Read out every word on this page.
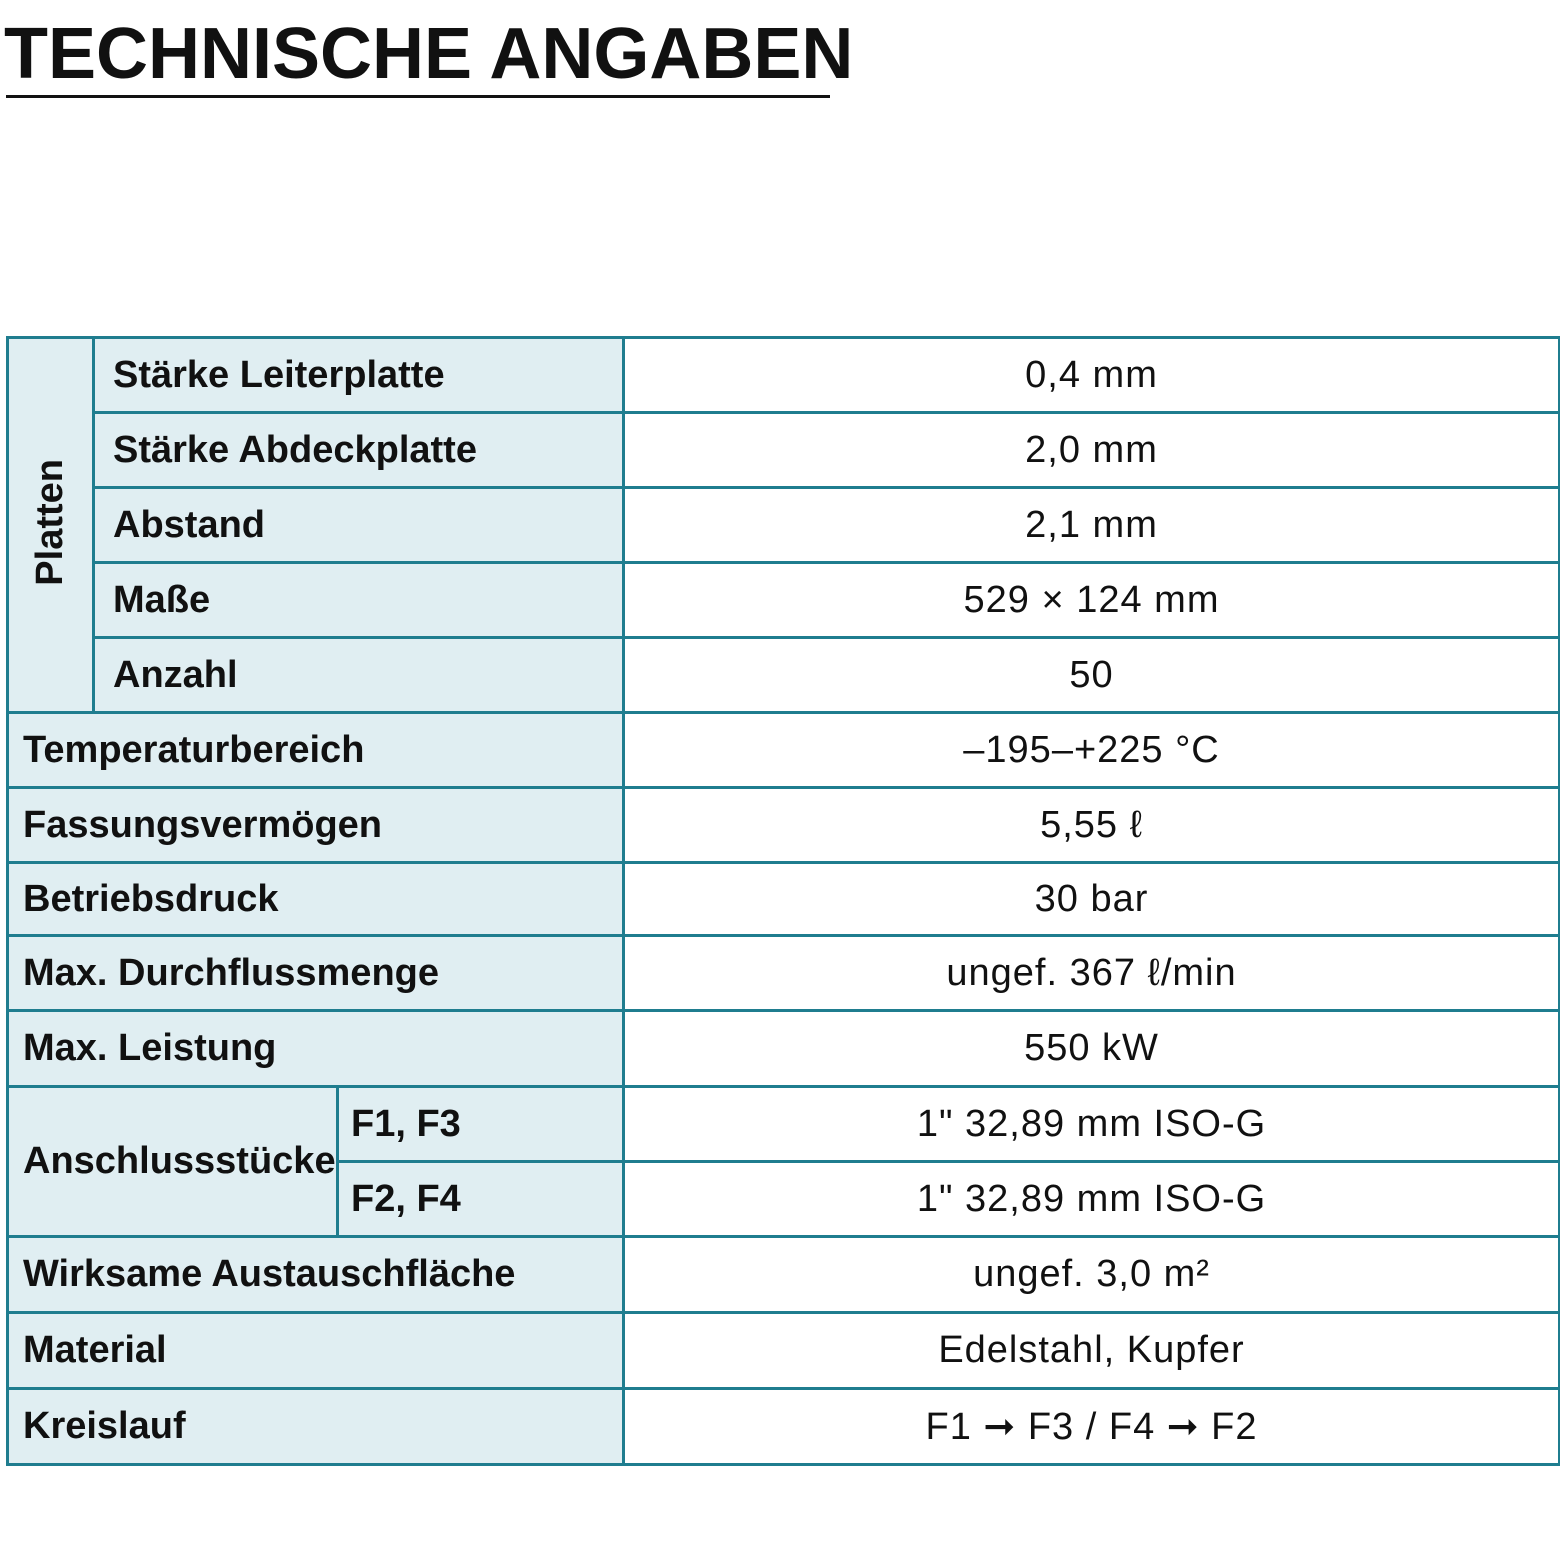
TECHNISCHE ANGABEN
Platten	Stärke Leiterplatte		0,4 mm
	Stärke Abdeckplatte		2,0 mm
	Abstand		2,1 mm
	Maße		529 × 124 mm
	Anzahl		50
Temperaturbereich			–195–+225 °C
Fassungsvermögen			5,55 ℓ
Betriebsdruck			30 bar
Max. Durchflussmenge			ungef. 367 ℓ/min
Max. Leistung			550 kW
Anschlussstücke		F1, F3	1" 32,89 mm ISO-G
		F2, F4	1" 32,89 mm ISO-G
Wirksame Austauschfläche			ungef. 3,0 m²
Material			Edelstahl, Kupfer
Kreislauf			F1 ➞ F3 / F4 ➞ F2
